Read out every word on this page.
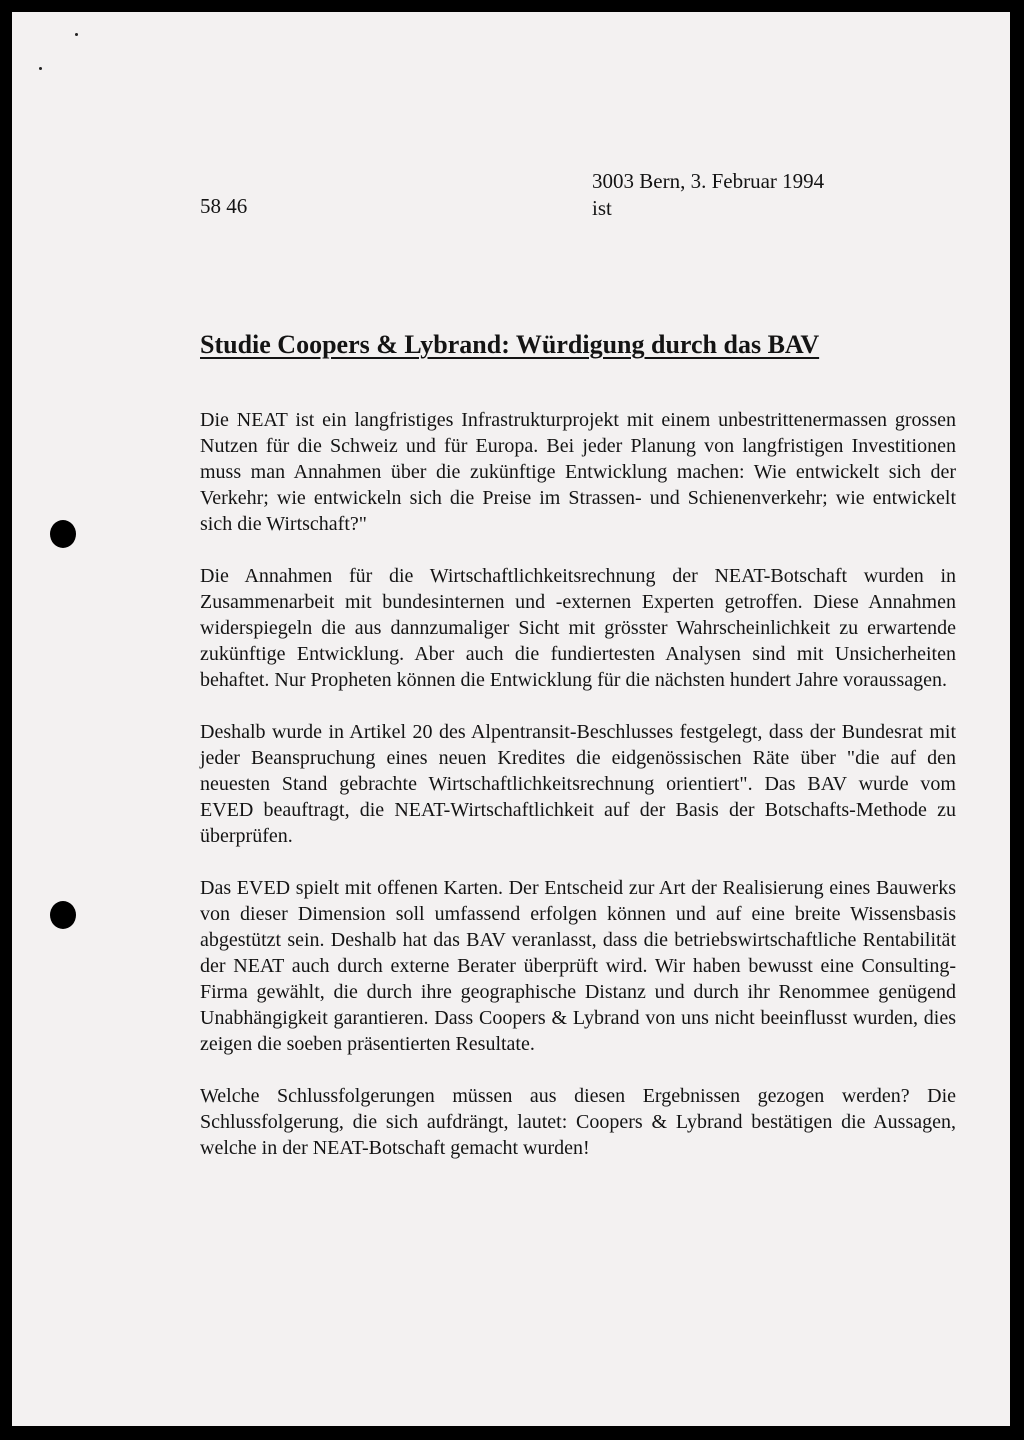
58 46
3003 Bern, 3. Februar 1994
ist
Studie Coopers & Lybrand: Würdigung durch das BAV

Die NEAT ist ein langfristiges Infrastrukturprojekt mit einem unbestrittenermassen grossen Nutzen für die Schweiz und für Europa. Bei jeder Planung von langfristigen Investitionen muss man Annahmen über die zukünftige Entwicklung machen: Wie entwickelt sich der Verkehr; wie entwickeln sich die Preise im Strassen- und Schienenverkehr; wie entwickelt sich die Wirtschaft?"

Die Annahmen für die Wirtschaftlichkeitsrechnung der NEAT-Botschaft wurden in Zusammenarbeit mit bundesinternen und -externen Experten getroffen. Diese Annahmen widerspiegeln die aus dannzumaliger Sicht mit grösster Wahrscheinlichkeit zu erwartende zukünftige Entwicklung. Aber auch die fundiertesten Analysen sind mit Unsicherheiten behaftet. Nur Propheten können die Entwicklung für die nächsten hundert Jahre voraussagen.

Deshalb wurde in Artikel 20 des Alpentransit-Beschlusses festgelegt, dass der Bundesrat mit jeder Beanspruchung eines neuen Kredites die eidgenössischen Räte über "die auf den neuesten Stand gebrachte Wirtschaftlichkeitsrechnung orientiert". Das BAV wurde vom EVED beauftragt, die NEAT-Wirtschaftlichkeit auf der Basis der Botschafts-Methode zu überprüfen.

Das EVED spielt mit offenen Karten. Der Entscheid zur Art der Realisierung eines Bauwerks von dieser Dimension soll umfassend erfolgen können und auf eine breite Wissensbasis abgestützt sein. Deshalb hat das BAV veranlasst, dass die betriebswirtschaftliche Rentabilität der NEAT auch durch externe Berater überprüft wird. Wir haben bewusst eine Consulting-Firma gewählt, die durch ihre geographische Distanz und durch ihr Renommee genügend Unabhängigkeit garantieren. Dass Coopers & Lybrand von uns nicht beeinflusst wurden, dies zeigen die soeben präsentierten Resultate.

Welche Schlussfolgerungen müssen aus diesen Ergebnissen gezogen werden? Die Schlussfolgerung, die sich aufdrängt, lautet: Coopers & Lybrand bestätigen die Aussagen, welche in der NEAT-Botschaft gemacht wurden!
